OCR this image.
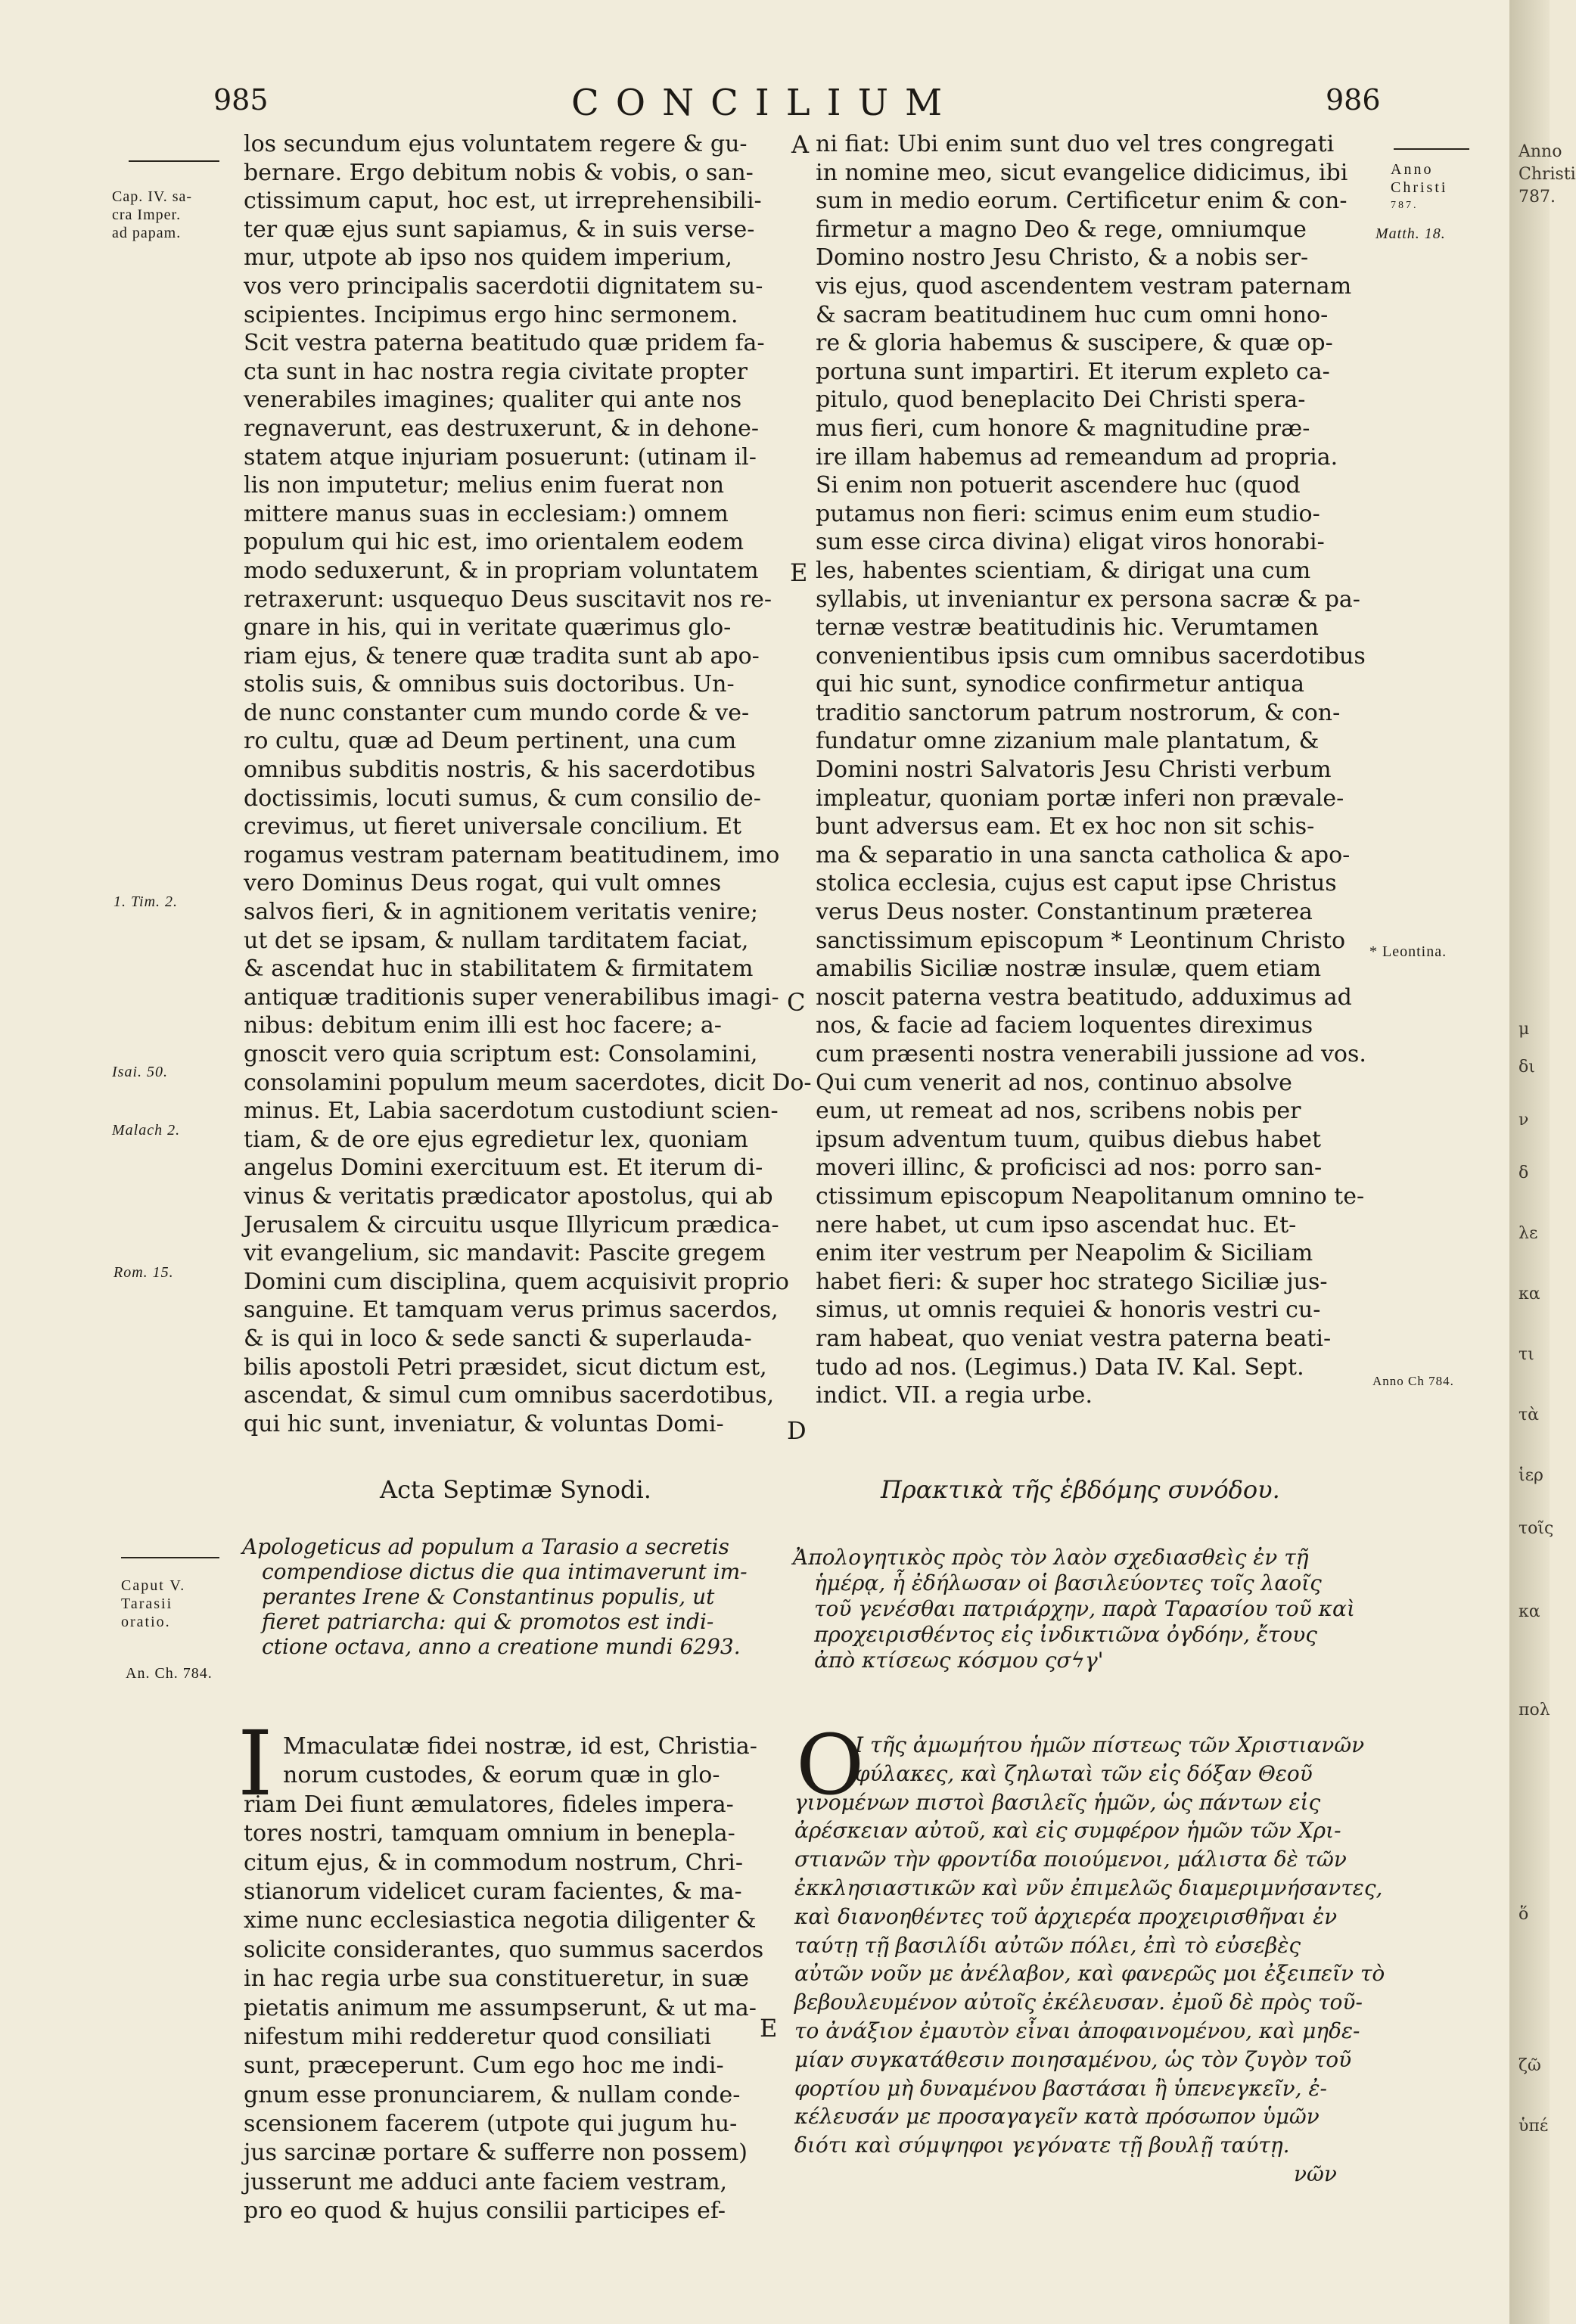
985	CONCILIUM	986
Cap. IV. sa-
cra Imper.
ad papam.
1. Tim. 2.
Isai. 50.
Malach 2.
Rom. 15.
Anno
Christi
787.
Matth. 18.
* Leontina.
Anno Ch 784.
A
E
C
D
E
los secundum ejus voluntatem regere & gu-
bernare. Ergo debitum nobis & vobis, o san-
ctissimum caput, hoc est, ut irreprehensibili-
ter quæ ejus sunt sapiamus, & in suis verse-
mur, utpote ab ipso nos quidem imperium,
vos vero principalis sacerdotii dignitatem su-
scipientes. Incipimus ergo hinc sermonem.
Scit vestra paterna beatitudo quæ pridem fa-
cta sunt in hac nostra regia civitate propter
venerabiles imagines; qualiter qui ante nos
regnaverunt, eas destruxerunt, & in dehone-
statem atque injuriam posuerunt: (utinam il-
lis non imputetur; melius enim fuerat non
mittere manus suas in ecclesiam:) omnem
populum qui hic est, imo orientalem eodem
modo seduxerunt, & in propriam voluntatem
retraxerunt: usquequo Deus suscitavit nos re-
gnare in his, qui in veritate quærimus glo-
riam ejus, & tenere quæ tradita sunt ab apo-
stolis suis, & omnibus suis doctoribus. Un-
de nunc constanter cum mundo corde & ve-
ro cultu, quæ ad Deum pertinent, una cum
omnibus subditis nostris, & his sacerdotibus
doctissimis, locuti sumus, & cum consilio de-
crevimus, ut fieret universale concilium. Et
rogamus vestram paternam beatitudinem, imo
vero Dominus Deus rogat, qui vult omnes
salvos fieri, & in agnitionem veritatis venire;
ut det se ipsam, & nullam tarditatem faciat,
& ascendat huc in stabilitatem & firmitatem
antiquæ traditionis super venerabilibus imagi-
nibus: debitum enim illi est hoc facere; a-
gnoscit vero quia scriptum est: Consolamini,
consolamini populum meum sacerdotes, dicit Do-
minus. Et, Labia sacerdotum custodiunt scien-
tiam, & de ore ejus egredietur lex, quoniam
angelus Domini exercituum est. Et iterum di-
vinus & veritatis prædicator apostolus, qui ab
Jerusalem & circuitu usque Illyricum prædica-
vit evangelium, sic mandavit: Pascite gregem
Domini cum disciplina, quem acquisivit proprio
sanguine. Et tamquam verus primus sacerdos,
& is qui in loco & sede sancti & superlauda-
bilis apostoli Petri præsidet, sicut dictum est,
ascendat, & simul cum omnibus sacerdotibus,
qui hic sunt, inveniatur, & voluntas Domi-
ni fiat: Ubi enim sunt duo vel tres congregati
in nomine meo, sicut evangelice didicimus, ibi
sum in medio eorum. Certificetur enim & con-
firmetur a magno Deo & rege, omniumque
Domino nostro Jesu Christo, & a nobis ser-
vis ejus, quod ascendentem vestram paternam
& sacram beatitudinem huc cum omni hono-
re & gloria habemus & suscipere, & quæ op-
portuna sunt impartiri. Et iterum expleto ca-
pitulo, quod beneplacito Dei Christi spera-
mus fieri, cum honore & magnitudine præ-
ire illam habemus ad remeandum ad propria.
Si enim non potuerit ascendere huc (quod
putamus non fieri: scimus enim eum studio-
sum esse circa divina) eligat viros honorabi-
les, habentes scientiam, & dirigat una cum
syllabis, ut inveniantur ex persona sacræ & pa-
ternæ vestræ beatitudinis hic. Verumtamen
convenientibus ipsis cum omnibus sacerdotibus
qui hic sunt, synodice confirmetur antiqua
traditio sanctorum patrum nostrorum, & con-
fundatur omne zizanium male plantatum, &
Domini nostri Salvatoris Jesu Christi verbum
impleatur, quoniam portæ inferi non prævale-
bunt adversus eam. Et ex hoc non sit schis-
ma & separatio in una sancta catholica & apo-
stolica ecclesia, cujus est caput ipse Christus
verus Deus noster. Constantinum præterea
sanctissimum episcopum * Leontinum Christo
amabilis Siciliæ nostræ insulæ, quem etiam
noscit paterna vestra beatitudo, adduximus ad
nos, & facie ad faciem loquentes direximus
cum præsenti nostra venerabili jussione ad vos.
Qui cum venerit ad nos, continuo absolve
eum, ut remeat ad nos, scribens nobis per
ipsum adventum tuum, quibus diebus habet
moveri illinc, & proficisci ad nos: porro san-
ctissimum episcopum Neapolitanum omnino te-
nere habet, ut cum ipso ascendat huc. Et-
enim iter vestrum per Neapolim & Siciliam
habet fieri: & super hoc stratego Siciliæ jus-
simus, ut omnis requiei & honoris vestri cu-
ram habeat, quo veniat vestra paterna beati-
tudo ad nos. (Legimus.) Data IV. Kal. Sept.
indict. VII. a regia urbe.
Acta Septimæ Synodi.	Πρακτικὰ τῆς ἑβδόμης συνόδου.
Caput V.
Tarasii
oratio.
An. Ch. 784.
Apologeticus ad populum a Tarasio a secretis
compendiose dictus die qua intimaverunt im-
perantes Irene & Constantinus populis, ut
fieret patriarcha: qui & promotos est indi-
ctione octava, anno a creatione mundi 6293.
Ἀπολογητικὸς πρὸς τὸν λαὸν σχεδιασθεὶς ἐν τῇ
ἡμέρᾳ, ἧ ἐδήλωσαν οἱ βασιλεύοντες τοῖς λαοῖς
τοῦ γενέσθαι πατριάρχην, παρὰ Ταρασίου τοῦ καὶ
προχειρισθέντος εἰς ἰνδικτιῶνα ὀγδόην, ἔτους
ἀπὸ κτίσεως κόσμου ςσϟγ'
I	O
Mmaculatæ fidei nostræ, id est, Christia-
norum custodes, & eorum quæ in glo-
riam Dei fiunt æmulatores, fideles impera-
tores nostri, tamquam omnium in benepla-
citum ejus, & in commodum nostrum, Chri-
stianorum videlicet curam facientes, & ma-
xime nunc ecclesiastica negotia diligenter &
solicite considerantes, quo summus sacerdos
in hac regia urbe sua constitueretur, in suæ
pietatis animum me assumpserunt, & ut ma-
nifestum mihi redderetur quod consiliati
sunt, præceperunt. Cum ego hoc me indi-
gnum esse pronunciarem, & nullam conde-
scensionem facerem (utpote qui jugum hu-
jus sarcinæ portare & sufferre non possem)
jusserunt me adduci ante faciem vestram,
pro eo quod & hujus consilii participes ef-
Ι τῆς ἀμωμήτου ἡμῶν πίστεως τῶν Χριστιανῶν
φύλακες, καὶ ζηλωταὶ τῶν εἰς δόξαν Θεοῦ
γινομένων πιστοὶ βασιλεῖς ἡμῶν, ὡς πάντων εἰς
ἀρέσκειαν αὐτοῦ, καὶ εἰς συμφέρον ἡμῶν τῶν Χρι-
στιανῶν τὴν φροντίδα ποιούμενοι, μάλιστα δὲ τῶν
ἐκκλησιαστικῶν καὶ νῦν ἐπιμελῶς διαμεριμνήσαντες,
καὶ διανοηθέντες τοῦ ἀρχιερέα προχειρισθῆναι ἐν
ταύτῃ τῇ βασιλίδι αὐτῶν πόλει, ἐπὶ τὸ εὐσεβὲς
αὐτῶν νοῦν με ἀνέλαβον, καὶ φανερῶς μοι ἐξειπεῖν τὸ
βεβουλευμένον αὐτοῖς ἐκέλευσαν. ἐμοῦ δὲ πρὸς τοῦ-
το ἀνάξιον ἐμαυτὸν εἶναι ἀποφαινομένου, καὶ μηδε-
μίαν συγκατάθεσιν ποιησαμένου, ὡς τὸν ζυγὸν τοῦ
φορτίου μὴ δυναμένου βαστάσαι ἢ ὑπενεγκεῖν, ἐ-
κέλευσάν με προσαγαγεῖν κατὰ πρόσωπον ὑμῶν
διότι καὶ σύμψηφοι γεγόνατε τῇ βουλῇ ταύτῃ.
νῶν
Anno
Christi
787.
μ
δι
ν
δ
λε
κα
τι
τὰ
ἱερ
τοῖς
κα
πολ
ὅ
ζῶ
ὑπέ
